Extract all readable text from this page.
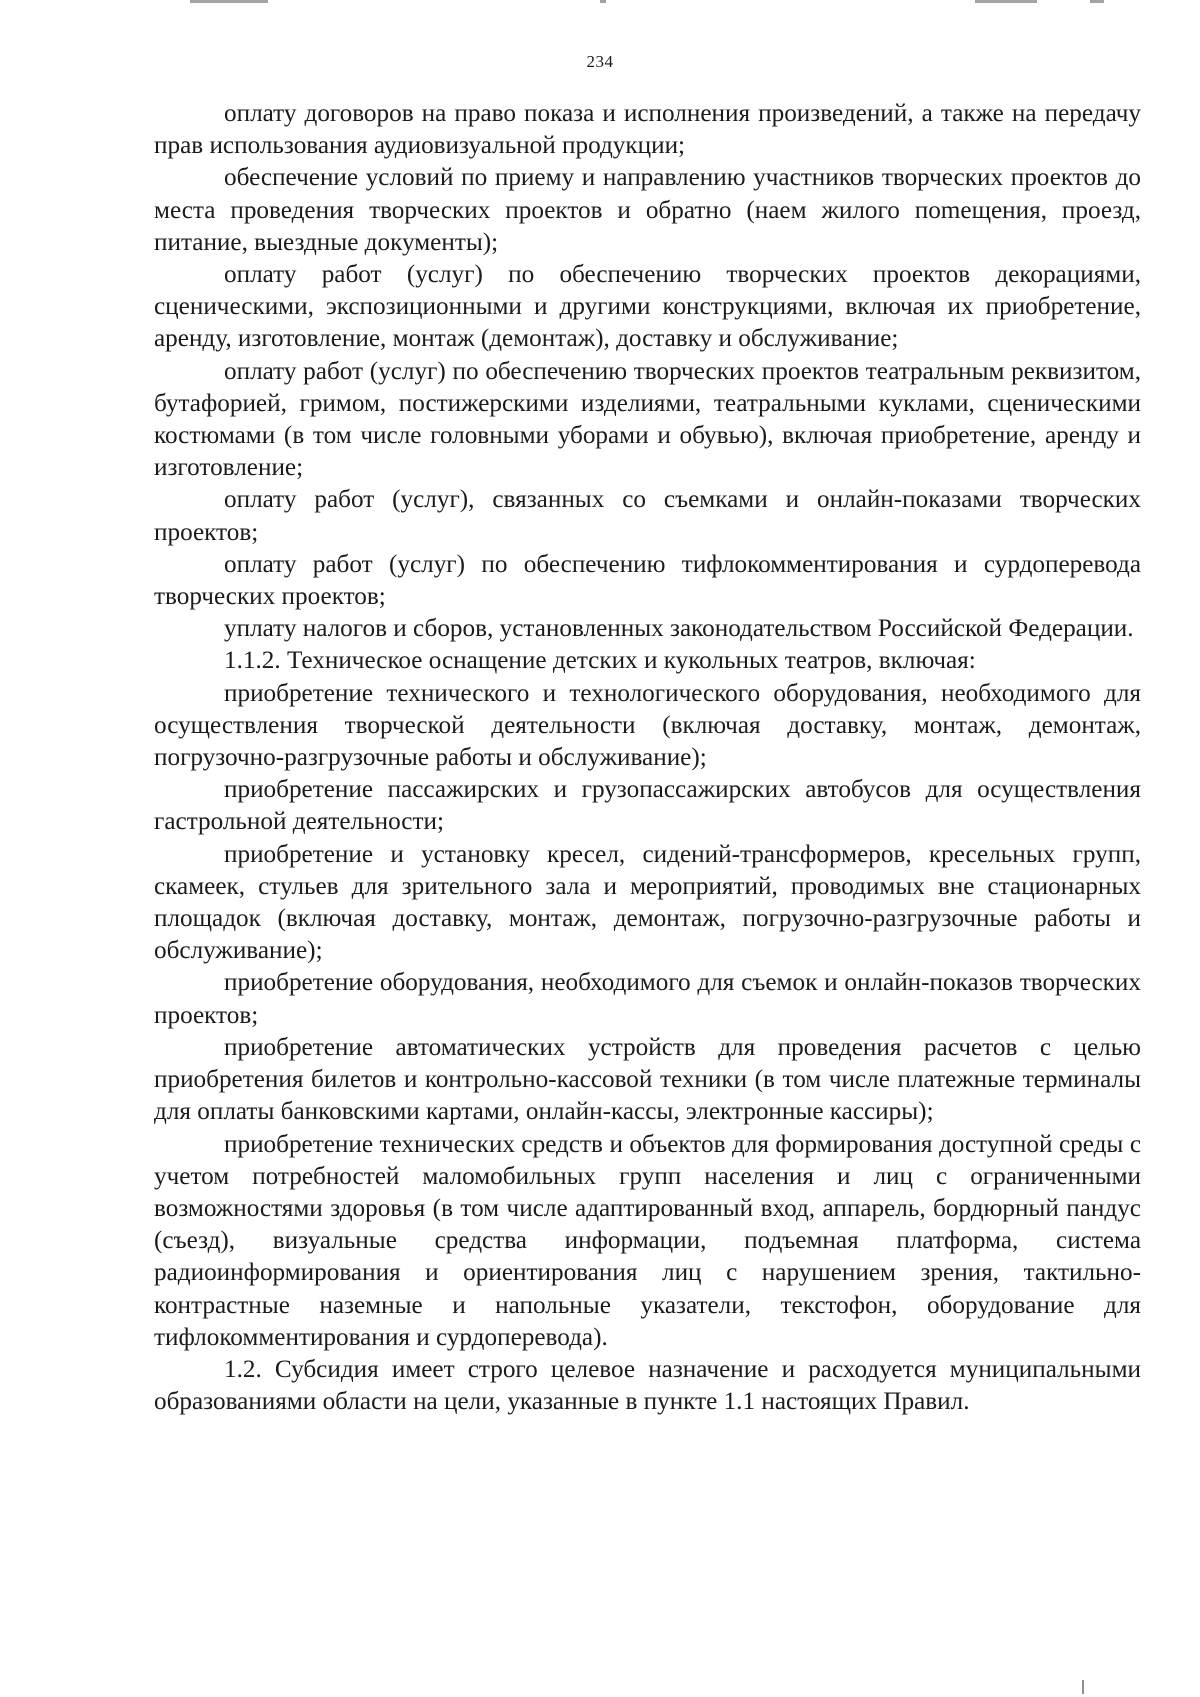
234

оплату договоров на право показа и исполнения произведений, а также на передачу прав использования аудиовизуальной продукции;

обеспечение условий по приему и направлению участников творческих проектов до места проведения творческих проектов и обратно (наем жилого поmещения, проезд, питание, выездные документы);

оплату работ (услуг) по обеспечению творческих проектов декорациями, сценическими, экспозиционными и другими конструкциями, включая их приобретение, аренду, изготовление, монтаж (демонтаж), доставку и обслуживание;

оплату работ (услуг) по обеспечению творческих проектов театральным реквизитом, бутафорией, гримом, постижерскими изделиями, театральными куклами, сценическими костюмами (в том числе головными уборами и обувью), включая приобретение, аренду и изготовление;

оплату работ (услуг), связанных со съемками и онлайн-показами творческих проектов;

оплату работ (услуг) по обеспечению тифлокомментирования и сурдоперевода творческих проектов;

уплату налогов и сборов, установленных законодательством Российской Федерации.

1.1.2. Техническое оснащение детских и кукольных театров, включая:

приобретение технического и технологического оборудования, необходимого для осуществления творческой деятельности (включая доставку, монтаж, демонтаж, погрузочно-разгрузочные работы и обслуживание);

приобретение пассажирских и грузопассажирских автобусов для осуществления гастрольной деятельности;

приобретение и установку кресел, сидений-трансформеров, кресельных групп, скамеек, стульев для зрительного зала и мероприятий, проводимых вне стационарных площадок (включая доставку, монтаж, демонтаж, погрузочно-разгрузочные работы и обслуживание);

приобретение оборудования, необходимого для съемок и онлайн-показов творческих проектов;

приобретение автоматических устройств для проведения расчетов с целью приобретения билетов и контрольно-кассовой техники (в том числе платежные терминалы для оплаты банковскими картами, онлайн-кассы, электронные кассиры);

приобретение технических средств и объектов для формирования доступной среды с учетом потребностей маломобильных групп населения и лиц с ограниченными возможностями здоровья (в том числе адаптированный вход, аппарель, бордюрный пандус (съезд), визуальные средства информации, подъемная платформа, система радиоинформирования и ориентирования лиц с нарушением зрения, тактильно-контрастные наземные и напольные указатели, текстофон, оборудование для тифлокомментирования и сурдоперевода).

1.2. Субсидия имеет строго целевое назначение и расходуется муниципальными образованиями области на цели, указанные в пункте 1.1 настоящих Правил.
